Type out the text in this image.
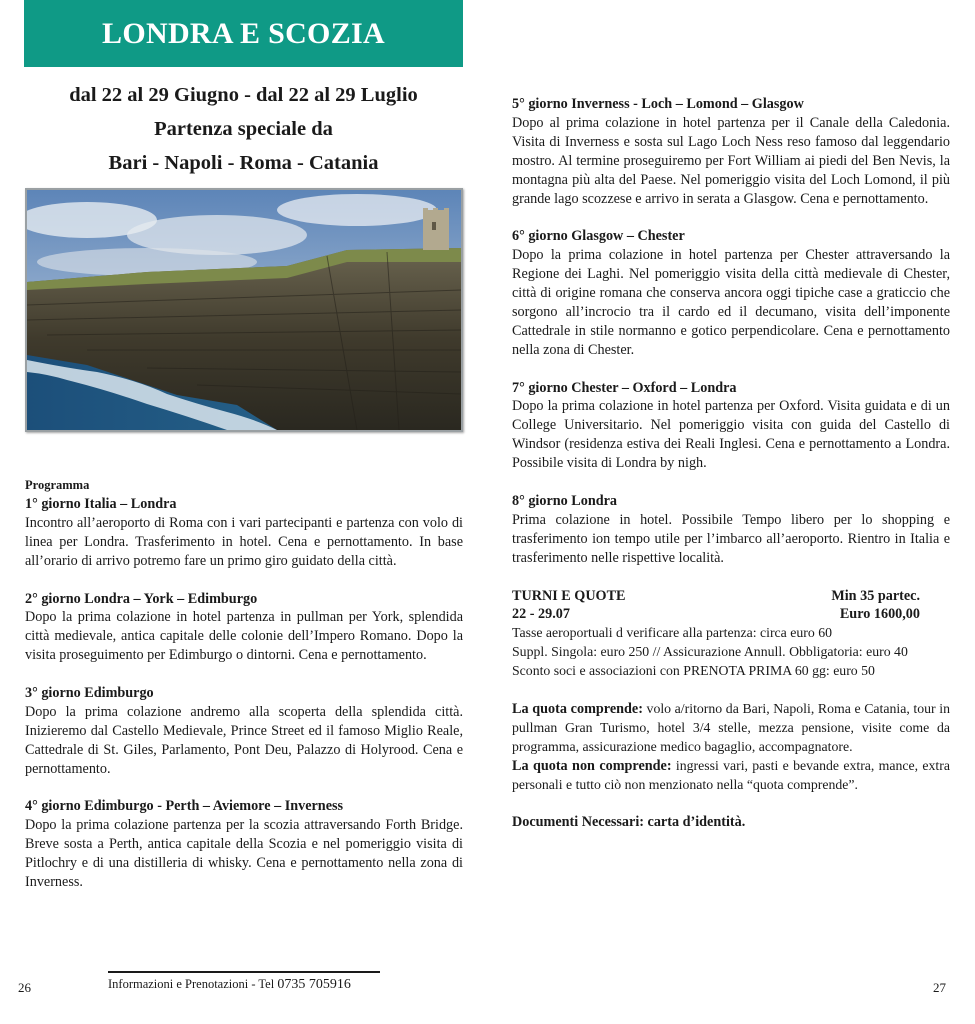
LONDRA E SCOZIA
dal 22 al 29 Giugno - dal 22 al 29 Luglio
Partenza speciale da
Bari - Napoli - Roma - Catania
Programma
1° giorno Italia – Londra

Incontro all’aeroporto di Roma con i vari partecipanti e partenza con volo di linea per Londra. Trasferimento in hotel. Cena e pernottamento. In base all’orario di arrivo potremo fare un primo giro guidato della città.

2° giorno Londra – York – Edimburgo

Dopo la prima colazione in hotel partenza in pullman per York, splendida città medievale, antica capitale delle colonie dell’Impero Romano. Dopo la visita proseguimento per Edimburgo o dintorni. Cena e pernottamento.

3° giorno Edimburgo

Dopo la prima colazione andremo alla scoperta della splendida città. Inizieremo dal Castello Medievale, Prince Street ed il famoso Miglio Reale, Cattedrale di St. Giles, Parlamento, Pont Deu, Palazzo di Holyrood. Cena e pernottamento.

4° giorno Edimburgo - Perth – Aviemore – Inverness

Dopo la prima colazione partenza per la scozia attraversando Forth Bridge. Breve sosta a Perth, antica capitale della Scozia e nel pomeriggio visita di Pitlochry e di una distilleria di whisky. Cena e pernottamento nella zona di Inverness.

5° giorno Inverness - Loch – Lomond – Glasgow

Dopo al prima colazione in hotel partenza per il Canale della Caledonia. Visita di Inverness e sosta sul Lago Loch Ness reso famoso dal leggendario mostro. Al termine proseguiremo per Fort William ai piedi del Ben Nevis, la montagna più alta del Paese. Nel pomeriggio visita del Loch Lomond, il più grande lago scozzese e arrivo in serata a Glasgow. Cena e pernottamento.

6° giorno Glasgow – Chester

Dopo la prima colazione in hotel partenza per Chester attraversando la Regione dei Laghi. Nel pomeriggio visita della città medievale di Chester, città di origine romana che conserva ancora oggi tipiche case a graticcio che sorgono all’incrocio tra il cardo ed il decumano, visita dell’imponente Cattedrale in stile normanno e gotico perpendicolare. Cena e pernottamento nella zona di Chester.

7° giorno Chester – Oxford – Londra

Dopo la prima colazione in hotel partenza per Oxford. Visita guidata e di un College Universitario. Nel pomeriggio visita con guida del Castello di Windsor (residenza estiva dei Reali Inglesi. Cena e pernottamento a Londra. Possibile visita di Londra by nigh.

8° giorno Londra

Prima colazione in hotel. Possibile Tempo libero per lo shopping e trasferimento ion tempo utile per l’imbarco all’aeroporto. Rientro in Italia e trasferimento nelle rispettive località.

TURNI E QUOTE	Min 35 partec.
22 - 29.07	Euro 1600,00

Tasse aeroportuali d verificare alla partenza: circa euro 60

Suppl. Singola: euro 250 // Assicurazione Annull. Obbligatoria: euro 40

Sconto soci e associazioni con PRENOTA PRIMA 60 gg: euro 50

La quota comprende: volo a/ritorno da Bari, Napoli, Roma e Catania, tour in pullman Gran Turismo, hotel 3/4 stelle, mezza pensione, visite come da programma, assicurazione medico bagaglio, accompagnatore.

La quota non comprende: ingressi vari, pasti e bevande extra, mance, extra personali e tutto ciò non menzionato nella “quota comprende”.

Documenti Necessari: carta d’identità.
Informazioni e Prenotazioni - Tel 0735 705916
26	27
